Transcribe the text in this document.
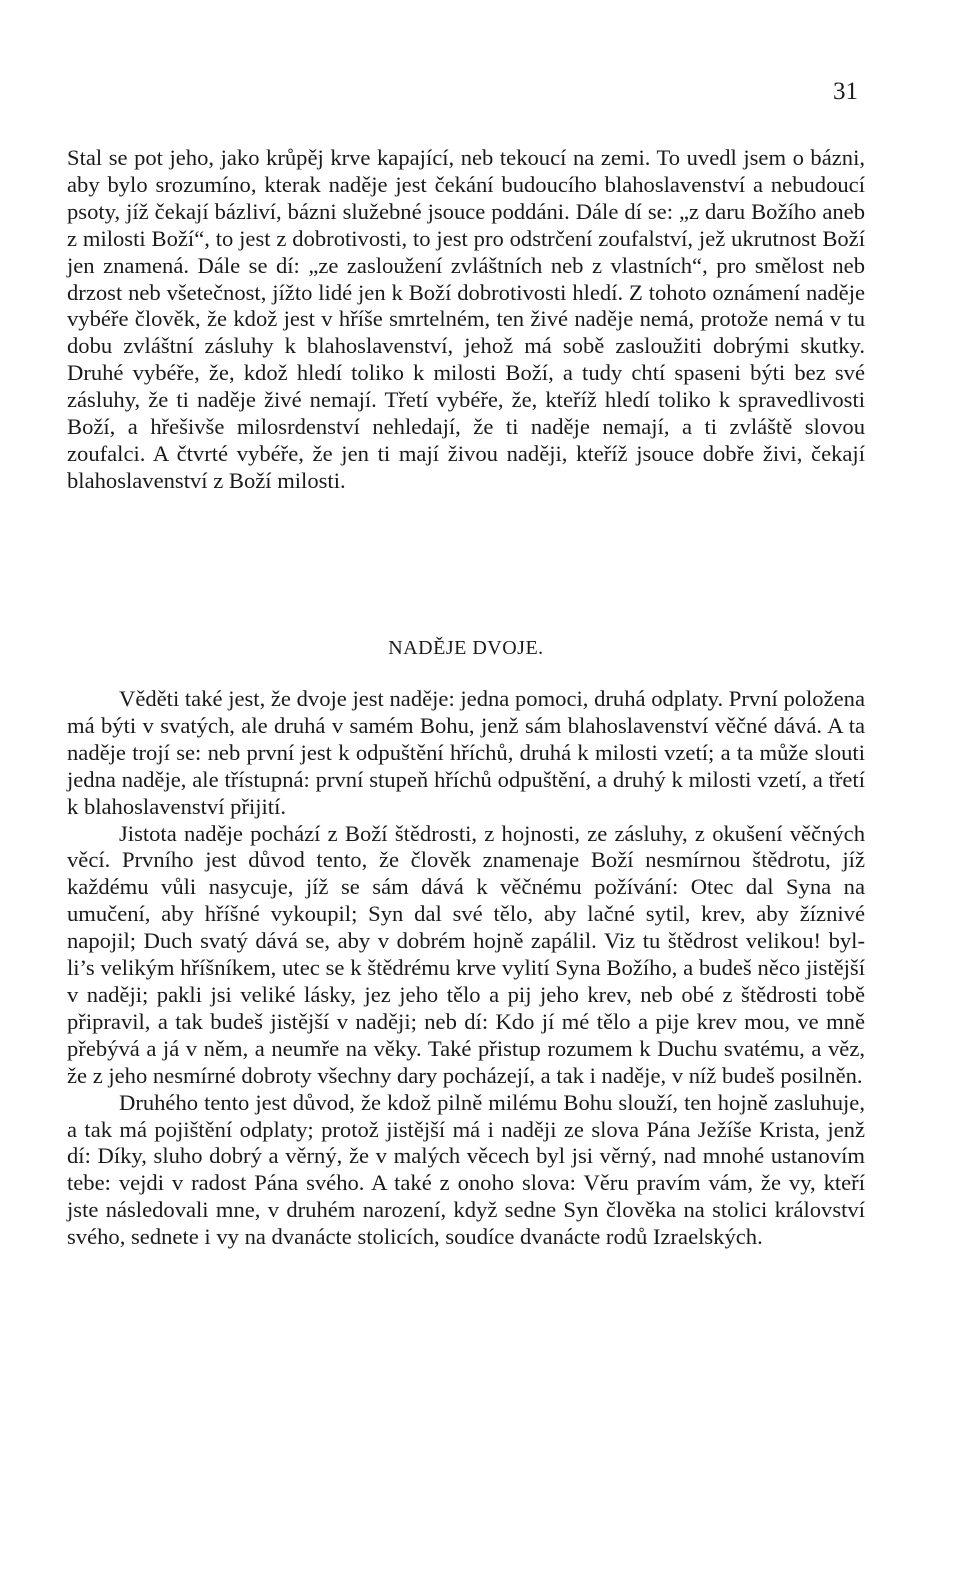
31

Stal se pot jeho, jako krůpěj krve kapající, neb tekoucí na zemi. To uvedl jsem o bázni, aby bylo srozumíno, kterak naděje jest čekání budoucího blahoslavenství a nebudoucí psoty, jíž čekají bázliví, bázni služebné jsouce poddáni. Dále dí se: „z daru Božího aneb z milosti Boží“, to jest z dobrotivosti, to jest pro odstrčení zoufalství, jež ukrutnost Boží jen znamená. Dále se dí: „ze zasloužení zvláštních neb z vlastních“, pro smělost neb drzost neb všetečnost, jížto lidé jen k Boží dobrotivosti hledí. Z tohoto oznámení naděje vybéře člověk, že kdož jest v hříše smrtelném, ten živé naděje nemá, protože nemá v tu dobu zvláštní zásluhy k blahoslavenství, jehož má sobě zasloužiti dobrými skutky. Druhé vybéře, že, kdož hledí toliko k milosti Boží, a tudy chtí spaseni býti bez své zásluhy, že ti naděje živé nemají. Třetí vybéře, že, kteříž hledí toliko k spravedlivosti Boží, a hřešivše milosrdenství nehledají, že ti naděje nemají, a ti zvláště slovou zoufalci. A čtvrté vybéře, že jen ti mají živou naději, kteříž jsouce dobře živi, čekají blahoslavenství z Boží milosti.

NADĚJE DVOJE.

Věděti také jest, že dvoje jest naděje: jedna pomoci, druhá odplaty. První položena má býti v svatých, ale druhá v samém Bohu, jenž sám blahoslavenství věčné dává. A ta naděje trojí se: neb první jest k odpuštění hříchů, druhá k milosti vzetí; a ta může slouti jedna naděje, ale třístupná: první stupeň hříchů odpuštění, a druhý k milosti vzetí, a třetí k blahoslavenství přijití.

Jistota naděje pochází z Boží štědrosti, z hojnosti, ze zásluhy, z okušení věčných věcí. Prvního jest důvod tento, že člověk znamenaje Boží nesmírnou štědrotu, jíž každému vůli nasycuje, jíž se sám dává k věčnému požívání: Otec dal Syna na umučení, aby hříšné vykoupil; Syn dal své tělo, aby lačné sytil, krev, aby žíznivé napojil; Duch svatý dává se, aby v dobrém hojně zapálil. Viz tu štědrost velikou! byl-li’s velikým hříšníkem, utec se k štědrému krve vylití Syna Božího, a budeš něco jistější v naději; pakli jsi veliké lásky, jez jeho tělo a pij jeho krev, neb obé z štědrosti tobě připravil, a tak budeš jistější v naději; neb dí: Kdo jí mé tělo a pije krev mou, ve mně přebývá a já v něm, a neumře na věky. Také přistup rozumem k Duchu svatému, a věz, že z jeho nesmírné dobroty všechny dary pocházejí, a tak i naděje, v níž budeš posilněn.

Druhého tento jest důvod, že kdož pilně milému Bohu slouží, ten hojně zasluhuje, a tak má pojištění odplaty; protož jistější má i naději ze slova Pána Ježíše Krista, jenž dí: Díky, sluho dobrý a věrný, že v malých věcech byl jsi věrný, nad mnohé ustanovím tebe: vejdi v radost Pána svého. A také z onoho slova: Věru pravím vám, že vy, kteří jste následovali mne, v druhém narození, když sedne Syn člověka na stolici království svého, sednete i vy na dvanácte stolicích, soudíce dvanácte rodů Izraelských.
